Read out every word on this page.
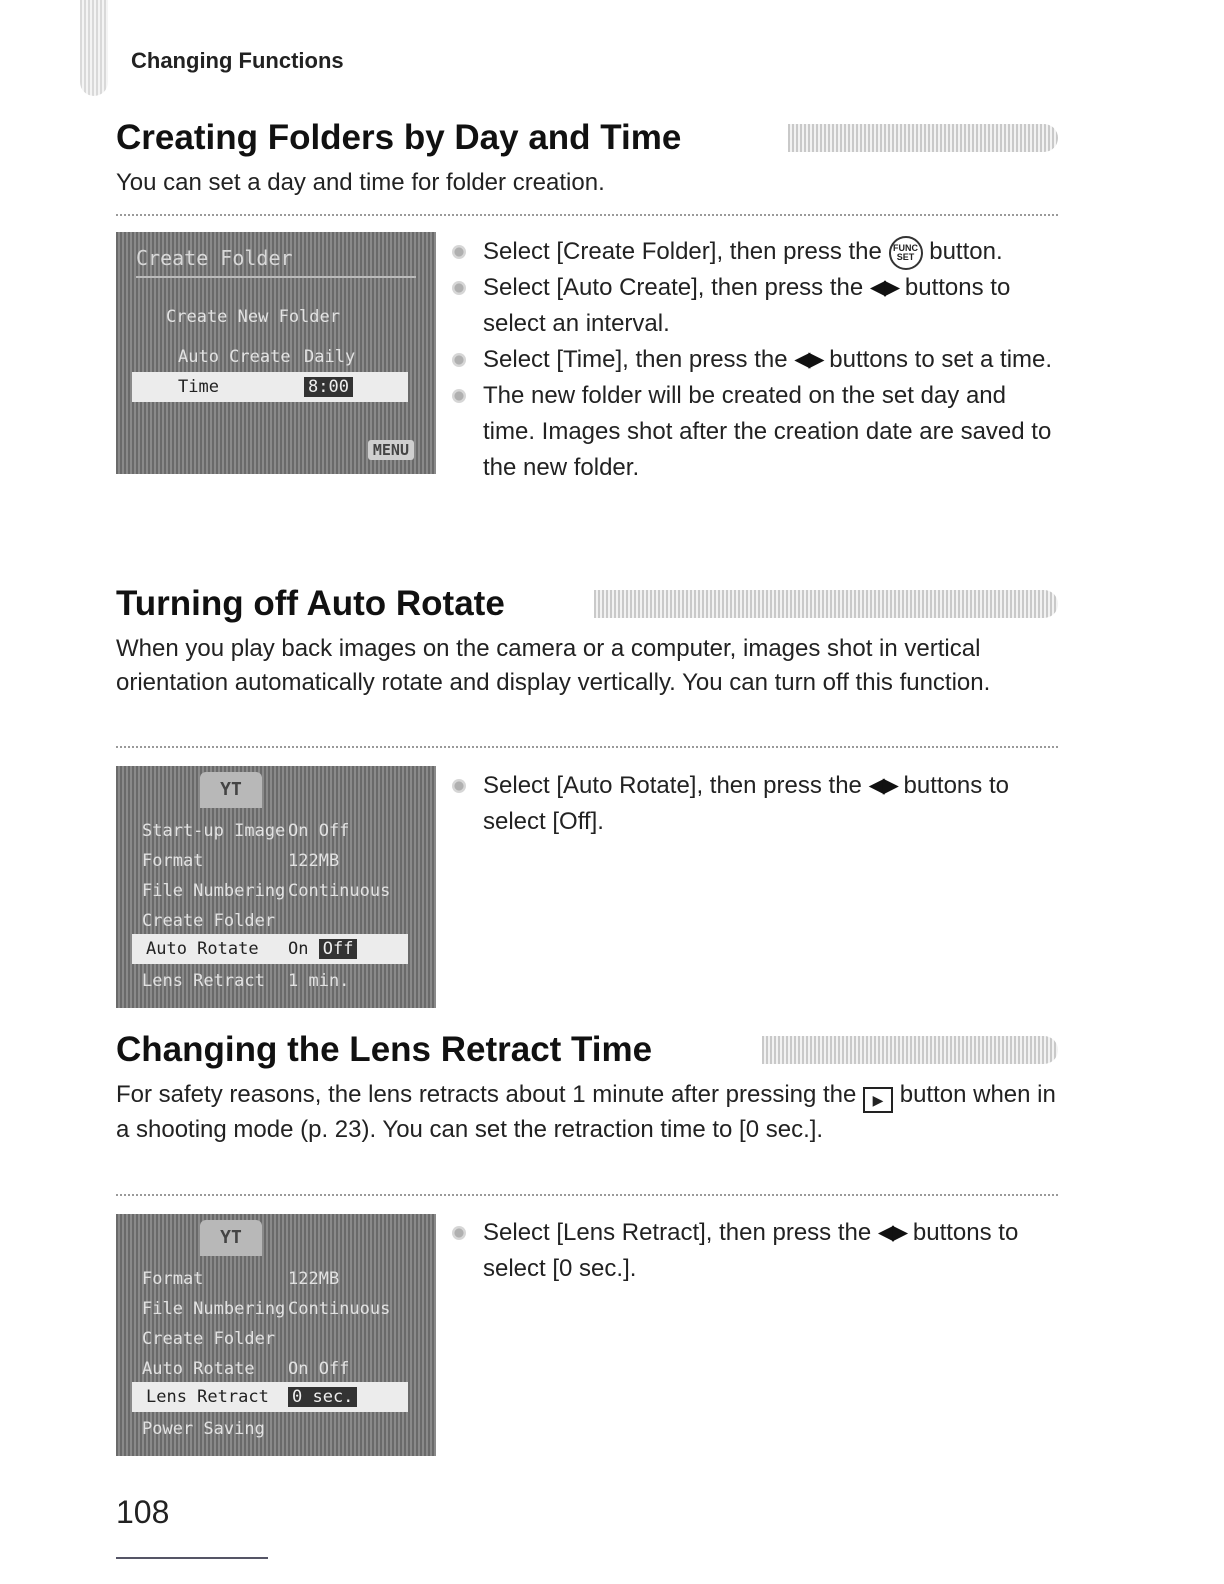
Changing Functions
Creating Folders by Day and Time
You can set a day and time for folder creation.
Create Folder
Create New Folder
Auto Create Daily
Time	8:00
MENU
Select [Create Folder], then press the FUNC SET button.
Select [Auto Create], then press the ◀▶ buttons to select an interval.
Select [Time], then press the ◀▶ buttons to set a time.
The new folder will be created on the set day and time. Images shot after the creation date are saved to the new folder.
Turning off Auto Rotate
When you play back images on the camera or a computer, images shot in vertical orientation automatically rotate and display vertically. You can turn off this function.
YT
Start-up Image On Off
Format	122MB
File Numbering Continuous
Create Folder
Auto Rotate On Off
Lens Retract 1 min.
Select [Auto Rotate], then press the ◀▶ buttons to select [Off].
Changing the Lens Retract Time
For safety reasons, the lens retracts about 1 minute after pressing the ▶ button when in a shooting mode (p. 23). You can set the retraction time to [0 sec.].
YT
Format	122MB
File Numbering Continuous
Create Folder
Auto Rotate On Off
Lens Retract 0 sec.
Power Saving
Select [Lens Retract], then press the ◀▶ buttons to select [0 sec.].
108
